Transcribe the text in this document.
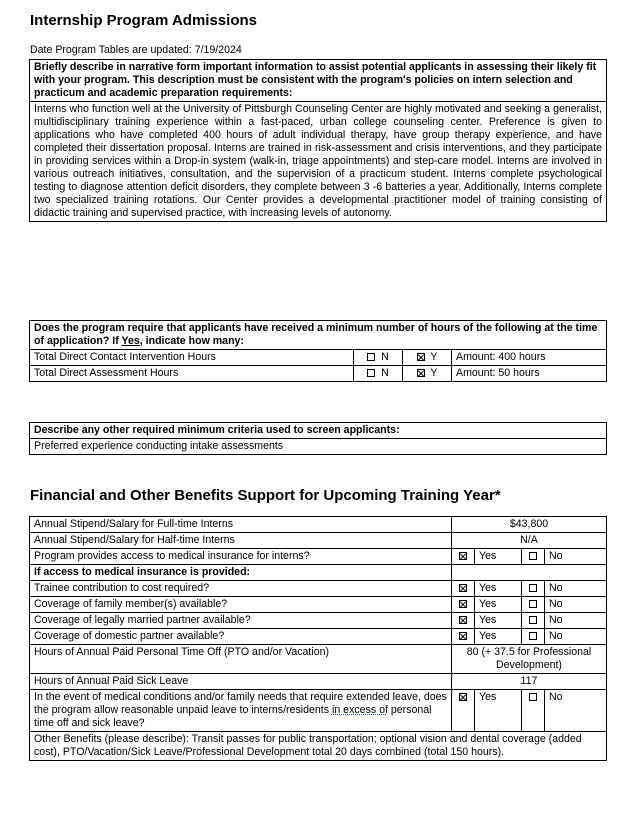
Internship Program Admissions
Date Program Tables are updated: 7/19/2024
Briefly describe in narrative form important information to assist potential applicants in assessing their likely fit with your program. This description must be consistent with the program's policies on intern selection and practicum and academic preparation requirements:
Interns who function well at the University of Pittsburgh Counseling Center are highly motivated and seeking a generalist, multidisciplinary training experience within a fast-paced, urban college counseling center. Preference is given to applications who have completed 400 hours of adult individual therapy, have group therapy experience, and have completed their dissertation proposal. Interns are trained in risk-assessment and crisis interventions, and they participate in providing services within a Drop-in system (walk-in, triage appointments) and step-care model. Interns are involved in various outreach initiatives, consultation, and the supervision of a practicum student. Interns complete psychological testing to diagnose attention deficit disorders, they complete between 3 -6 batteries a year. Additionally, Interns complete two specialized training rotations. Our Center provides a developmental practitioner model of training consisting of didactic training and supervised practice, with increasing levels of autonomy.
Does the program require that applicants have received a minimum number of hours of the following at the time of application? If Yes, indicate how many:			
Total Direct Contact Intervention Hours	N	Y	Amount: 400 hours
Total Direct Assessment Hours	N	Y	Amount: 50 hours
Describe any other required minimum criteria used to screen applicants:
Preferred experience conducting intake assessments
Financial and Other Benefits Support for Upcoming Training Year*
Annual Stipend/Salary for Full-time Interns	$43,800			
Annual Stipend/Salary for Half-time Interns	N/A			
Program provides access to medical insurance for interns?		Yes		No
If access to medical insurance is provided:				
Trainee contribution to cost required?		Yes		No
Coverage of family member(s) available?		Yes		No
Coverage of legally married partner available?		Yes		No
Coverage of domestic partner available?		Yes		No
Hours of Annual Paid Personal Time Off (PTO and/or Vacation)	80 (+ 37.5 for Professional Development)			
Hours of Annual Paid Sick Leave	117			
In the event of medical conditions and/or family needs that require extended leave, does the program allow reasonable unpaid leave to interns/residents in excess of personal time off and sick leave?		Yes		No
Other Benefits (please describe): Transit passes for public transportation; optional vision and dental coverage (added cost), PTO/Vacation/Sick Leave/Professional Development total 20 days combined (total 150 hours).				
